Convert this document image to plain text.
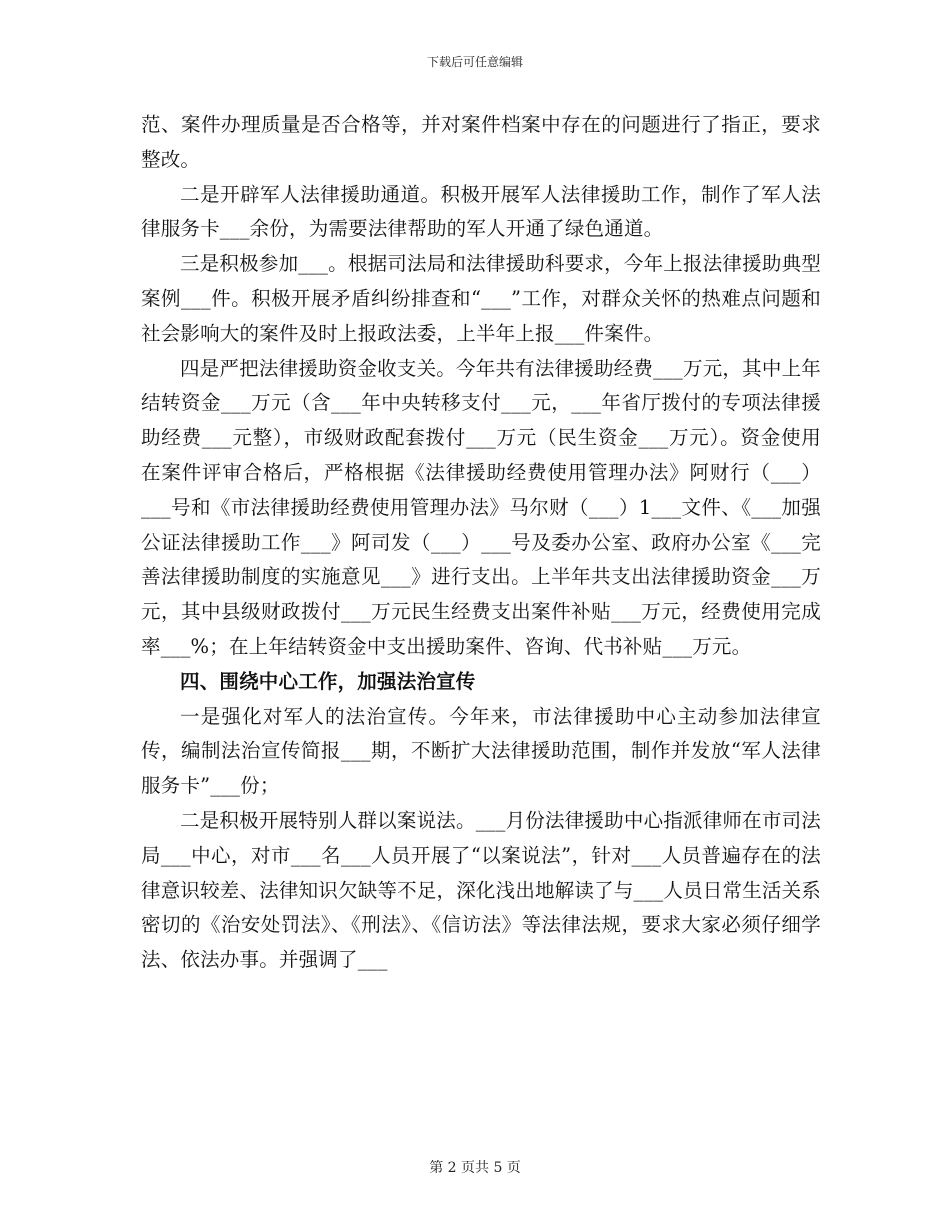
下载后可任意编辑

范、案件办理质量是否合格等，并对案件档案中存在的问题进行了指正，要求整改。

二是开辟军人法律援助通道。积极开展军人法律援助工作，制作了军人法律服务卡___余份，为需要法律帮助的军人开通了绿色通道。

三是积极参加___。根据司法局和法律援助科要求，今年上报法律援助典型案例___件。积极开展矛盾纠纷排查和“___”工作，对群众关怀的热难点问题和社会影响大的案件及时上报政法委，上半年上报___件案件。

四是严把法律援助资金收支关。今年共有法律援助经费___万元，其中上年结转资金___万元（含___年中央转移支付___元，___年省厅拨付的专项法律援助经费___元整），市级财政配套拨付___万元（民生资金___万元）。资金使用在案件评审合格后，严格根据《法律援助经费使用管理办法》阿财行（___）___号和《市法律援助经费使用管理办法》马尔财（___）1___文件、《___加强公证法律援助工作___》阿司发（___）___号及委办公室、政府办公室《___完善法律援助制度的实施意见___》进行支出。上半年共支出法律援助资金___万元，其中县级财政拨付___万元民生经费支出案件补贴___万元，经费使用完成率___%；在上年结转资金中支出援助案件、咨询、代书补贴___万元。

四、围绕中心工作，加强法治宣传

一是强化对军人的法治宣传。今年来，市法律援助中心主动参加法律宣传，编制法治宣传简报___期，不断扩大法律援助范围，制作并发放“军人法律服务卡”___份；

二是积极开展特别人群以案说法。___月份法律援助中心指派律师在市司法局___中心，对市___名___人员开展了“以案说法”，针对___人员普遍存在的法律意识较差、法律知识欠缺等不足，深化浅出地解读了与___人员日常生活关系密切的《治安处罚法》、《刑法》、《信访法》等法律法规，要求大家必须仔细学法、依法办事。并强调了___

第 2 页共 5 页
